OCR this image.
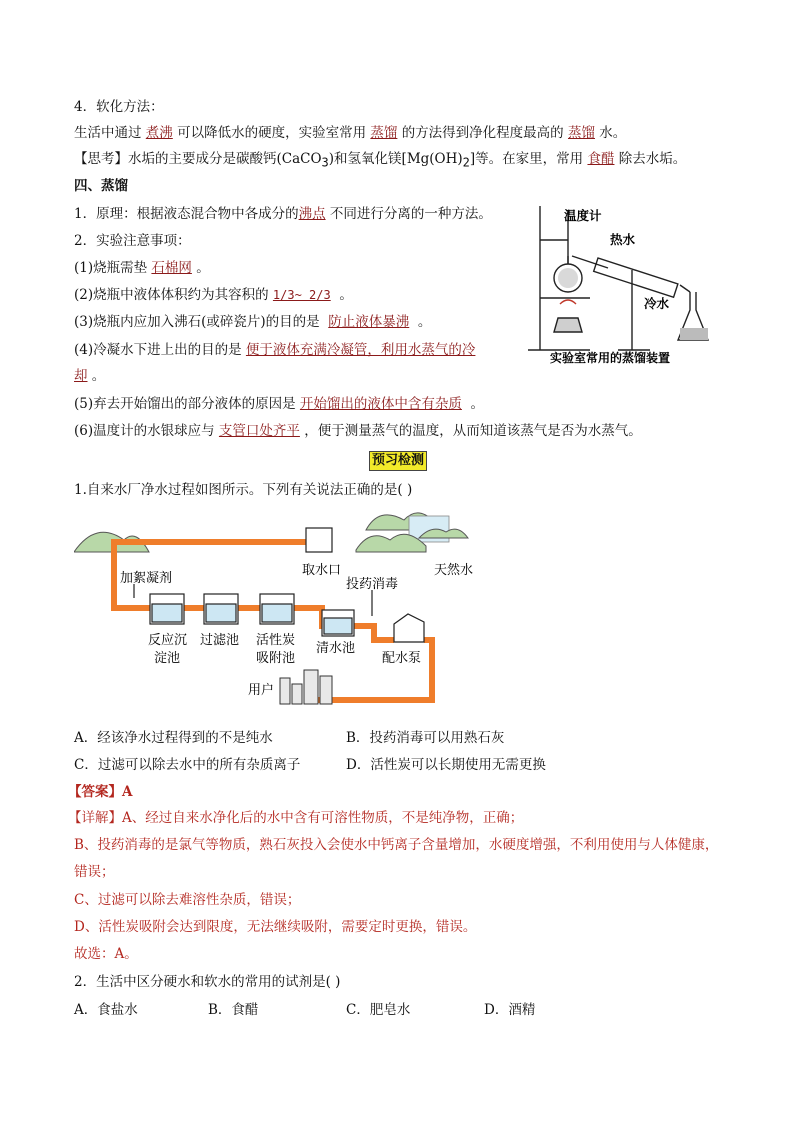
4．软化方法：
生活中通过 煮沸 可以降低水的硬度，实验室常用 蒸馏 的方法得到净化程度最高的 蒸馏 水。
【思考】水垢的主要成分是碳酸钙(CaCO$_3$)和氢氧化镁$[Mg(OH)_2]$等。在家里，常用 食醋 除去水垢。
四、蒸馏
1．原理：根据液态混合物中各成分的沸点 不同进行分离的一种方法。
2．实验注意事项：
(1)烧瓶需垫 石棉网 。
(2)烧瓶中液体体积约为其容积的 1/3~ 2/3 。
(3)烧瓶内应加入沸石(或碎瓷片)的目的是 防止液体暴沸 。
(4)冷凝水下进上出的目的是 便于液体充满冷凝管，利用水蒸气的冷
却 。
(5)弃去开始馏出的部分液体的原因是 开始馏出的液体中含有杂质 。
(6)温度计的水银球应与 支管口处齐平 ，便于测量蒸气的温度，从而知道该蒸气是否为水蒸气。
温度计
热水
冷水
实验室常用的蒸馏装置
预习检测
1.自来水厂净水过程如图所示。下列有关说法正确的是( )
取水口	天然水
加絮凝剂	投药消毒
反应沉
淀池
过滤池 活性炭
吸附池
清水池
配水泵
用户
A．经该净水过程得到的不是纯水	B．投药消毒可以用熟石灰
C．过滤可以除去水中的所有杂质离子	D．活性炭可以长期使用无需更换
【答案】A
【详解】A、经过自来水净化后的水中含有可溶性物质，不是纯净物，正确；
B、投药消毒的是氯气等物质，熟石灰投入会使水中钙离子含量增加，水硬度增强，不利用使用与人体健康，
错误；
C、过滤可以除去难溶性杂质，错误；
D、活性炭吸附会达到限度，无法继续吸附，需要定时更换，错误。
故选：A。
2．生活中区分硬水和软水的常用的试剂是( )
A．食盐水	B．食醋	C．肥皂水	D．酒精
